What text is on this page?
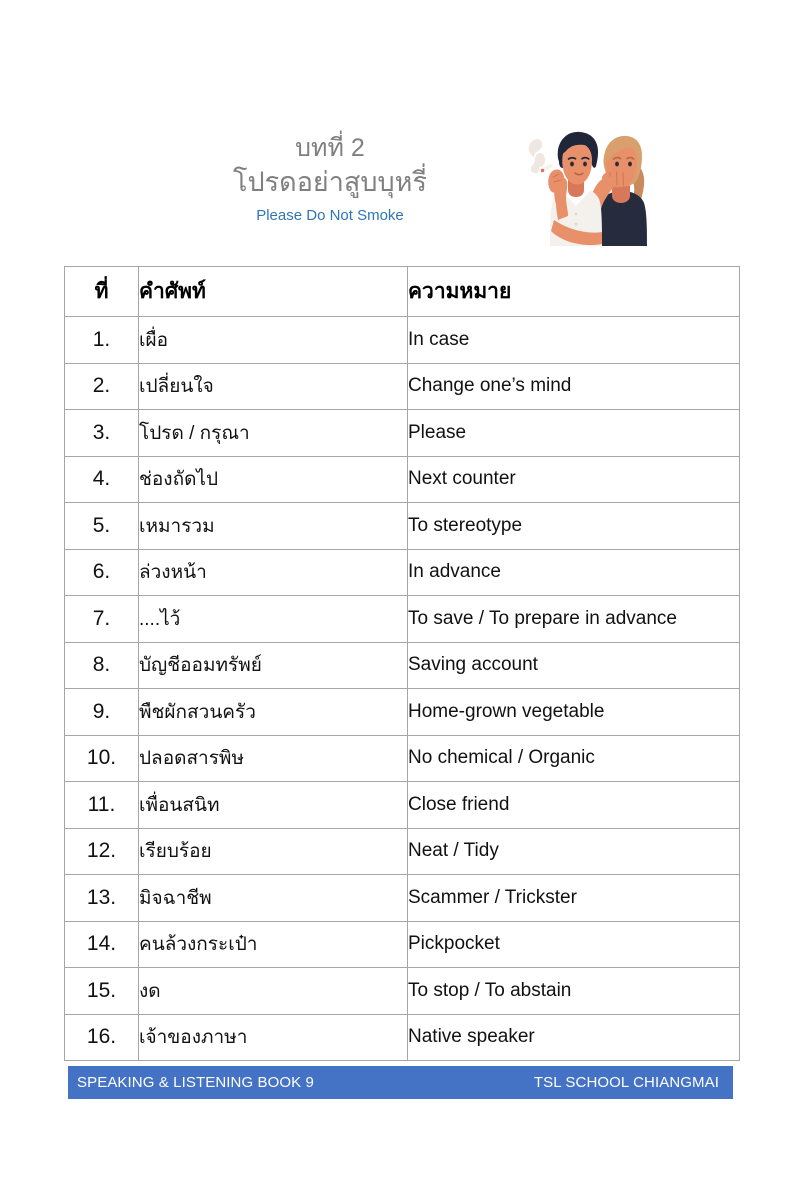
บทที่ 2
โปรดอย่าสูบบุหรี่
Please Do Not Smoke
ที่	คำศัพท์	ความหมาย
1.	เผื่อ	In case
2.	เปลี่ยนใจ	Change one’s mind
3.	โปรด / กรุณา	Please
4.	ช่องถัดไป	Next counter
5.	เหมารวม	To stereotype
6.	ล่วงหน้า	In advance
7.	....ไว้	To save / To prepare in advance
8.	บัญชีออมทรัพย์	Saving account
9.	พืชผักสวนครัว	Home-grown vegetable
10.	ปลอดสารพิษ	No chemical / Organic
11.	เพื่อนสนิท	Close friend
12.	เรียบร้อย	Neat / Tidy
13.	มิจฉาชีพ	Scammer / Trickster
14.	คนล้วงกระเป๋า	Pickpocket
15.	งด	To stop / To abstain
16.	เจ้าของภาษา	Native speaker
SPEAKING & LISTENING BOOK 9	TSL SCHOOL CHIANGMAI
